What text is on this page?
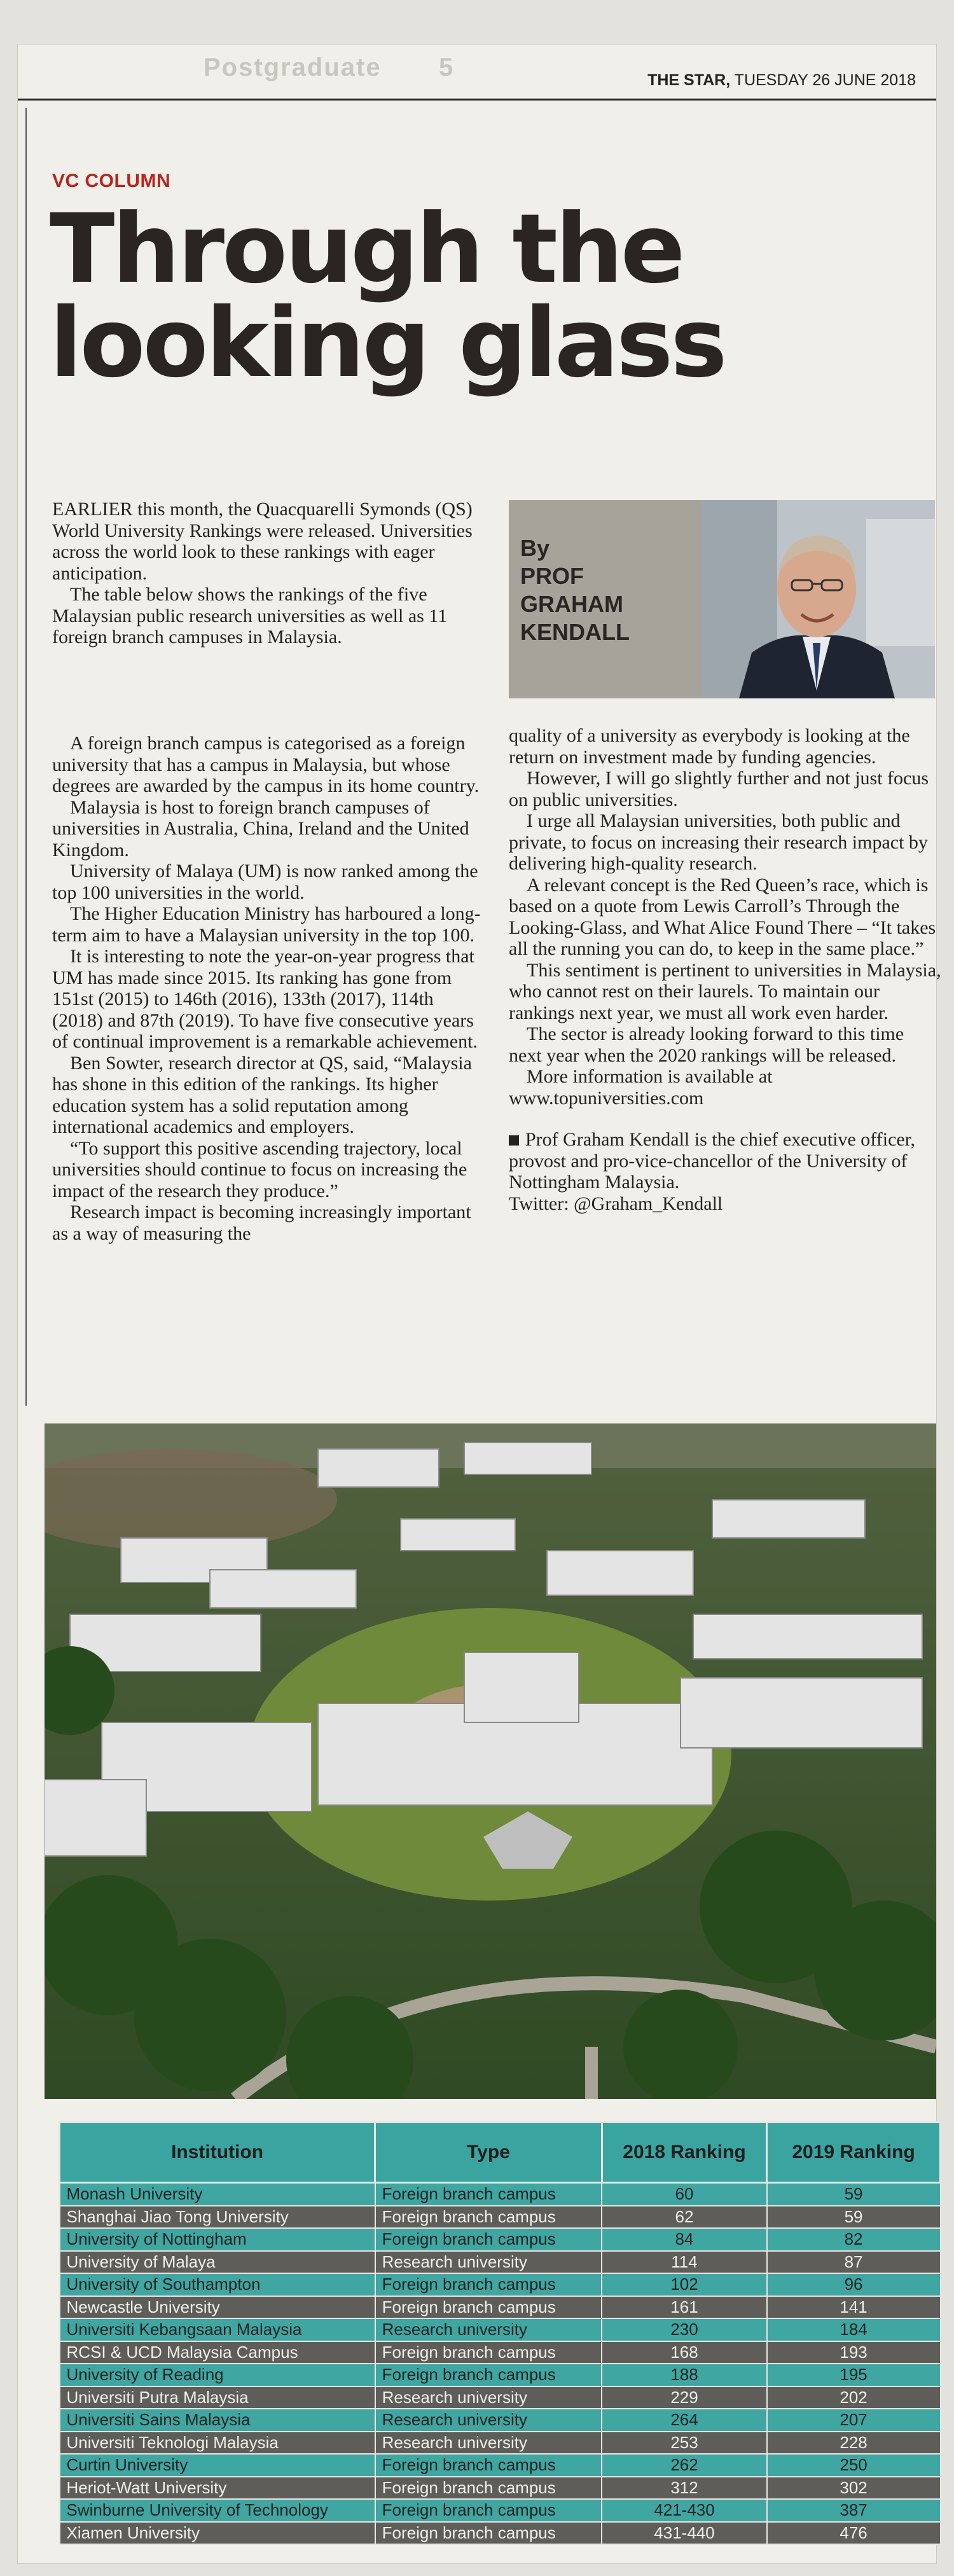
Postgraduate 5	THE STAR, TUESDAY 26 JUNE 2018
VC COLUMN
Through the looking glass
By
PROF
GRAHAM
KENDALL

EARLIER this month, the Quacquarelli Symonds (QS) World University Rankings were released. Universities across the world look to these rankings with eager anticipation.

The table below shows the rankings of the five Malaysian public research universities as well as 11 foreign branch campuses in Malaysia.

A foreign branch campus is categorised as a foreign university that has a campus in Malaysia, but whose degrees are awarded by the campus in its home country.

Malaysia is host to foreign branch campuses of universities in Australia, China, Ireland and the United Kingdom.

University of Malaya (UM) is now ranked among the top 100 universities in the world.

The Higher Education Ministry has harboured a long-term aim to have a Malaysian university in the top 100.

It is interesting to note the year-on-year progress that UM has made since 2015. Its ranking has gone from 151st (2015) to 146th (2016), 133th (2017), 114th (2018) and 87th (2019). To have five consecutive years of continual improvement is a remarkable achievement.

Ben Sowter, research director at QS, said, “Malaysia has shone in this edition of the rankings. Its higher education system has a solid reputation among international academics and employers.

“To support this positive ascending trajectory, local universities should continue to focus on increasing the impact of the research they produce.”

Research impact is becoming increasingly important as a way of measuring the

quality of a university as everybody is looking at the return on investment made by funding agencies.

However, I will go slightly further and not just focus on public universities.

I urge all Malaysian universities, both public and private, to focus on increasing their research impact by delivering high-quality research.

A relevant concept is the Red Queen’s race, which is based on a quote from Lewis Carroll’s Through the Looking-Glass, and What Alice Found There – “It takes all the running you can do, to keep in the same place.”

This sentiment is pertinent to universities in Malaysia, who cannot rest on their laurels. To maintain our rankings next year, we must all work even harder.

The sector is already looking forward to this time next year when the 2020 rankings will be released.

More information is available at www.topuniversities.com

Prof Graham Kendall is the chief executive officer, provost and pro-vice-chancellor of the University of Nottingham Malaysia.

Twitter: @Graham_Kendall

Institution	Type	2018 Ranking	2019 Ranking
Monash University	Foreign branch campus	60	59
Shanghai Jiao Tong University	Foreign branch campus	62	59
University of Nottingham	Foreign branch campus	84	82
University of Malaya	Research university	114	87
University of Southampton	Foreign branch campus	102	96
Newcastle University	Foreign branch campus	161	141
Universiti Kebangsaan Malaysia	Research university	230	184
RCSI & UCD Malaysia Campus	Foreign branch campus	168	193
University of Reading	Foreign branch campus	188	195
Universiti Putra Malaysia	Research university	229	202
Universiti Sains Malaysia	Research university	264	207
Universiti Teknologi Malaysia	Research university	253	228
Curtin University	Foreign branch campus	262	250
Heriot-Watt University	Foreign branch campus	312	302
Swinburne University of Technology	Foreign branch campus	421-430	387
Xiamen University	Foreign branch campus	431-440	476
